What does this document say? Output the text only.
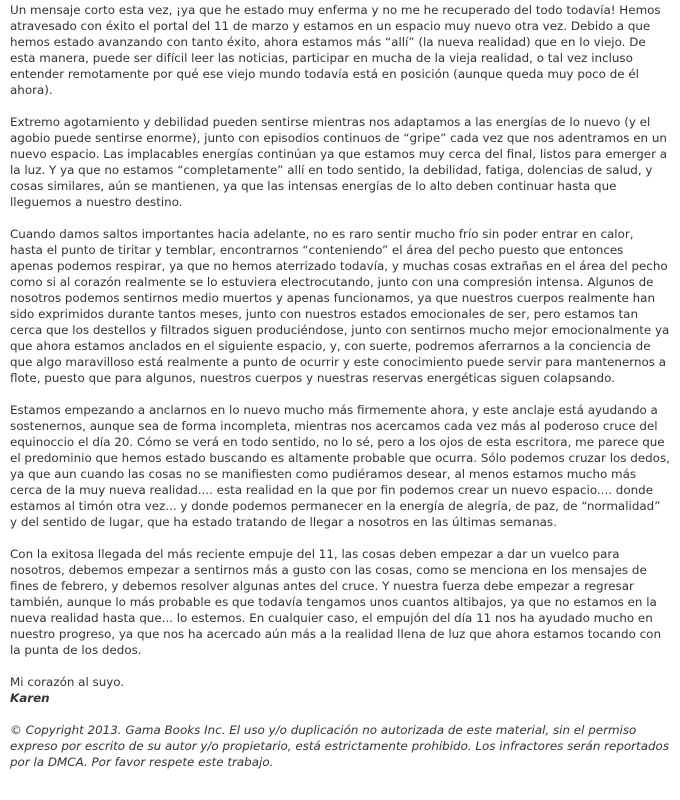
Un mensaje corto esta vez, ¡ya que he estado muy enferma y no me he recuperado del todo todavía! Hemos atravesado con éxito el portal del 11 de marzo y estamos en un espacio muy nuevo otra vez. Debido a que hemos estado avanzando con tanto éxito, ahora estamos más “allí” (la nueva realidad) que en lo viejo. De esta manera, puede ser difícil leer las noticias, participar en mucha de la vieja realidad, o tal vez incluso entender remotamente por qué ese viejo mundo todavía está en posición (aunque queda muy poco de él ahora).

Extremo agotamiento y debilidad pueden sentirse mientras nos adaptamos a las energías de lo nuevo (y el agobio puede sentirse enorme), junto con episodios continuos de “gripe” cada vez que nos adentramos en un nuevo espacio. Las implacables energías continúan ya que estamos muy cerca del final, listos para emerger a la luz. Y ya que no estamos “completamente” allí en todo sentido, la debilidad, fatiga, dolencias de salud, y cosas similares, aún se mantienen, ya que las intensas energías de lo alto deben continuar hasta que lleguemos a nuestro destino.

Cuando damos saltos importantes hacia adelante, no es raro sentir mucho frío sin poder entrar en calor, hasta el punto de tiritar y temblar, encontrarnos “conteniendo” el área del pecho puesto que entonces apenas podemos respirar, ya que no hemos aterrizado todavía, y muchas cosas extrañas en el área del pecho como si al corazón realmente se lo estuviera electrocutando, junto con una compresión intensa. Algunos de nosotros podemos sentirnos medio muertos y apenas funcionamos, ya que nuestros cuerpos realmente han sido exprimidos durante tantos meses, junto con nuestros estados emocionales de ser, pero estamos tan cerca que los destellos y filtrados siguen produciéndose, junto con sentirnos mucho mejor emocionalmente ya que ahora estamos anclados en el siguiente espacio, y, con suerte, podremos aferrarnos a la conciencia de que algo maravilloso está realmente a punto de ocurrir y este conocimiento puede servir para mantenernos a flote, puesto que para algunos, nuestros cuerpos y nuestras reservas energéticas siguen colapsando.

Estamos empezando a anclarnos en lo nuevo mucho más firmemente ahora, y este anclaje está ayudando a sostenernos, aunque sea de forma incompleta, mientras nos acercamos cada vez más al poderoso cruce del equinoccio el día 20. Cómo se verá en todo sentido, no lo sé, pero a los ojos de esta escritora, me parece que el predominio que hemos estado buscando es altamente probable que ocurra. Sólo podemos cruzar los dedos, ya que aun cuando las cosas no se manifiesten como pudiéramos desear, al menos estamos mucho más cerca de la muy nueva realidad.... esta realidad en la que por fin podemos crear un nuevo espacio.... donde estamos al timón otra vez... y donde podemos permanecer en la energía de alegría, de paz, de “normalidad” y del sentido de lugar, que ha estado tratando de llegar a nosotros en las últimas semanas.

Con la exitosa llegada del más reciente empuje del 11, las cosas deben empezar a dar un vuelco para nosotros, debemos empezar a sentirnos más a gusto con las cosas, como se menciona en los mensajes de fines de febrero, y debemos resolver algunas antes del cruce. Y nuestra fuerza debe empezar a regresar también, aunque lo más probable es que todavía tengamos unos cuantos altibajos, ya que no estamos en la nueva realidad hasta que... lo estemos. En cualquier caso, el empujón del día 11 nos ha ayudado mucho en nuestro progreso, ya que nos ha acercado aún más a la realidad llena de luz que ahora estamos tocando con la punta de los dedos.

Mi corazón al suyo.
Karen

© Copyright 2013. Gama Books Inc. El uso y/o duplicación no autorizada de este material, sin el permiso expreso por escrito de su autor y/o propietario, está estrictamente prohibido. Los infractores serán reportados por la DMCA. Por favor respete este trabajo.
